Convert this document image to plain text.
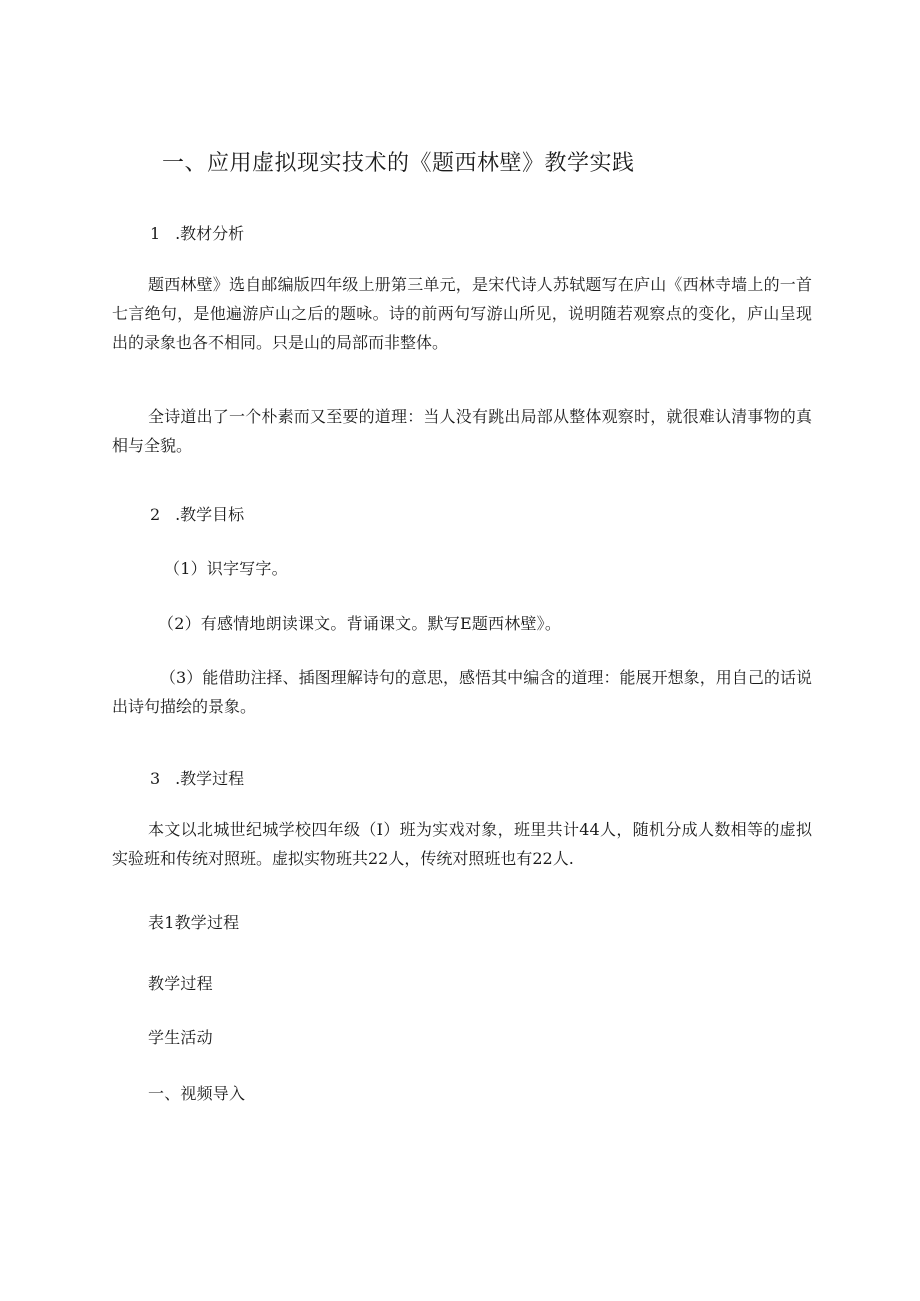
一、应用虚拟现实技术的《题西林壁》教学实践
1 .教材分析
题西林壁》选自邮编版四年级上册第三单元，是宋代诗人苏轼题写在庐山《西林寺墙上的一首七言绝句，是他遍游庐山之后的题咏。诗的前两句写游山所见，说明随若观察点的变化，庐山呈现出的录象也各不相同。只是山的局部而非整体。
全诗道出了一个朴素而又至要的道理：当人没有跳出局部从整体观察时，就很难认清事物的真相与全貌。
2 .教学目标
（1）识字写字。
（2）有感情地朗读课文。背诵课文。默写E题西林壁》。
（3）能借助注择、插图理解诗句的意思，感悟其中编含的道理：能展开想象，用自己的话说出诗句描绘的景象。
3 .教学过程
本文以北城世纪城学校四年级（I）班为实戏对象，班里共计44人，随机分成人数相等的虚拟实验班和传统对照班。虚拟实物班共22人，传统对照班也有22人.
表1教学过程
教学过程
学生活动
一、视频导入
